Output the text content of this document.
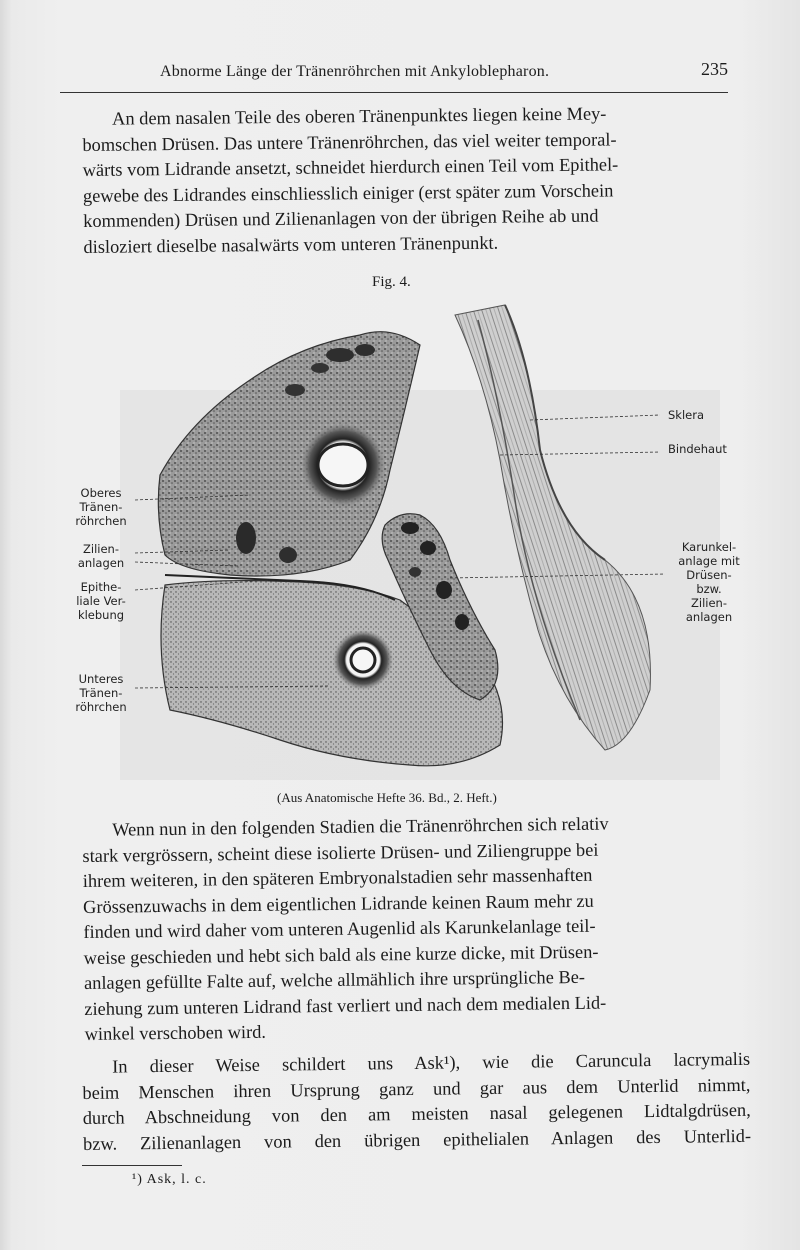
Abnorme Länge der Tränenröhrchen mit Ankyloblepharon.	235
An dem nasalen Teile des oberen Tränenpunktes liegen keine Mey-
bomschen Drüsen. Das untere Tränenröhrchen, das viel weiter temporal-
wärts vom Lidrande ansetzt, schneidet hierdurch einen Teil vom Epithel-
gewebe des Lidrandes einschliesslich einiger (erst später zum Vorschein
kommenden) Drüsen und Zilienanlagen von der übrigen Reihe ab und
disloziert dieselbe nasalwärts vom unteren Tränenpunkt.
Fig. 4.
Oberes
Tränen-
röhrchen
Zilien-
anlagen
Epithe-
liale Ver-
klebung
Unteres
Tränen-
röhrchen
Sklera
Bindehaut
Karunkel-
anlage mit
Drüsen-
bzw.
Zilien-
anlagen
(Aus Anatomische Hefte 36. Bd., 2. Heft.)
Wenn nun in den folgenden Stadien die Tränenröhrchen sich relativ
stark vergrössern, scheint diese isolierte Drüsen- und Ziliengruppe bei
ihrem weiteren, in den späteren Embryonalstadien sehr massenhaften
Grössenzuwachs in dem eigentlichen Lidrande keinen Raum mehr zu
finden und wird daher vom unteren Augenlid als Karunkelanlage teil-
weise geschieden und hebt sich bald als eine kurze dicke, mit Drüsen-
anlagen gefüllte Falte auf, welche allmählich ihre ursprüngliche Be-
ziehung zum unteren Lidrand fast verliert und nach dem medialen Lid-
winkel verschoben wird.
In dieser Weise schildert uns Ask¹), wie die Caruncula lacrymalis
beim Menschen ihren Ursprung ganz und gar aus dem Unterlid nimmt,
durch Abschneidung von den am meisten nasal gelegenen Lidtalgdrüsen,
bzw. Zilienanlagen von den übrigen epithelialen Anlagen des Unterlid-
¹) Ask, l. c.
